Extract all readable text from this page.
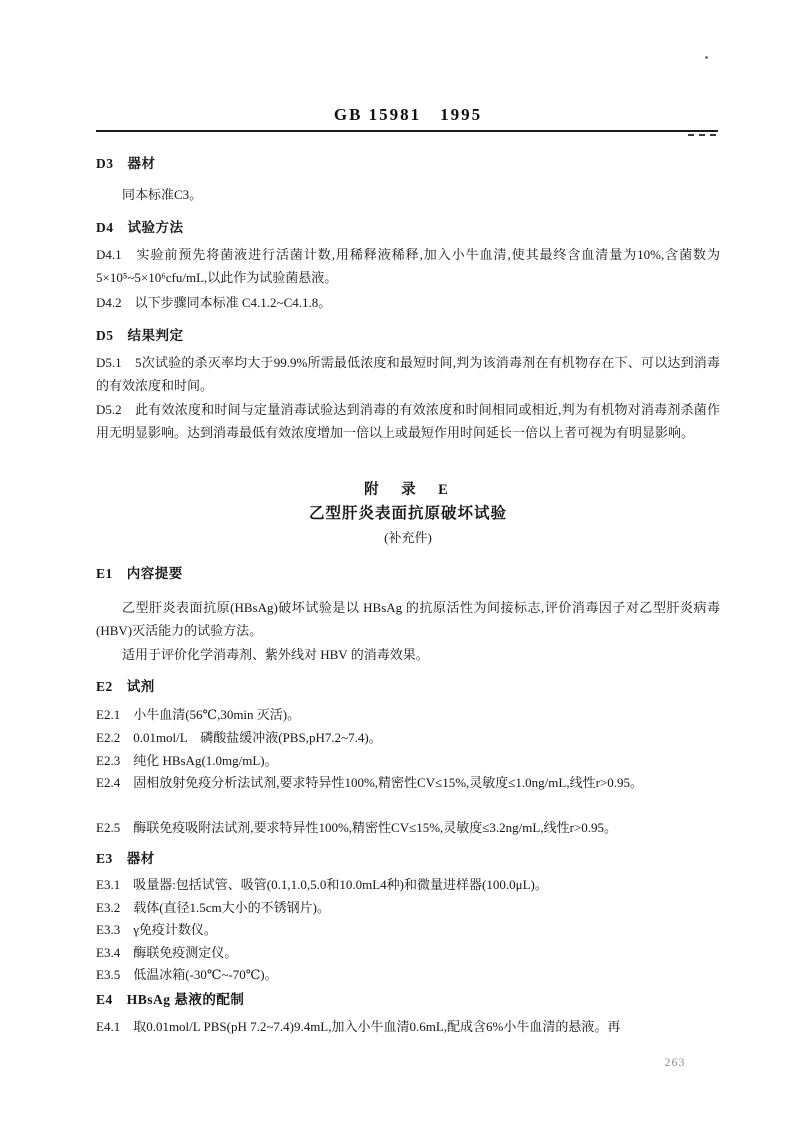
GB 15981　1995
D3　器材
同本标准C3。
D4　试验方法
D4.1　实验前预先将菌液进行活菌计数,用稀释液稀释,加入小牛血清,使其最终含血清量为10%,含菌数为5×10⁵~5×10⁶cfu/mL,以此作为试验菌悬液。
D4.2　以下步骤同本标准 C4.1.2~C4.1.8。
D5　结果判定
D5.1　5次试验的杀灭率均大于99.9%所需最低浓度和最短时间,判为该消毒剂在有机物存在下、可以达到消毒的有效浓度和时间。
D5.2　此有效浓度和时间与定量消毒试验达到消毒的有效浓度和时间相同或相近,判为有机物对消毒剂杀菌作用无明显影响。达到消毒最低有效浓度增加一倍以上或最短作用时间延长一倍以上者可视为有明显影响。
附　录　E
乙型肝炎表面抗原破坏试验
(补充件)
E1　内容提要
乙型肝炎表面抗原(HBsAg)破坏试验是以 HBsAg 的抗原活性为间接标志,评价消毒因子对乙型肝炎病毒(HBV)灭活能力的试验方法。
适用于评价化学消毒剂、紫外线对 HBV 的消毒效果。
E2　试剂
E2.1　小牛血清(56℃,30min 灭活)。
E2.2　0.01mol/L　磷酸盐缓冲液(PBS,pH7.2~7.4)。
E2.3　纯化 HBsAg(1.0mg/mL)。
E2.4　固相放射免疫分析法试剂,要求特异性100%,精密性CV≤15%,灵敏度≤1.0ng/mL,线性r>0.95。
E2.5　酶联免疫吸附法试剂,要求特异性100%,精密性CV≤15%,灵敏度≤3.2ng/mL,线性r>0.95。
E3　器材
E3.1　吸量器:包括试管、吸管(0.1,1.0,5.0和10.0mL4种)和微量进样器(100.0μL)。
E3.2　载体(直径1.5cm大小的不锈钢片)。
E3.3　γ免疫计数仪。
E3.4　酶联免疫测定仪。
E3.5　低温冰箱(-30℃~-70℃)。
E4　HBsAg 悬液的配制
E4.1　取0.01mol/L PBS(pH 7.2~7.4)9.4mL,加入小牛血清0.6mL,配成含6%小牛血清的悬液。再
263
